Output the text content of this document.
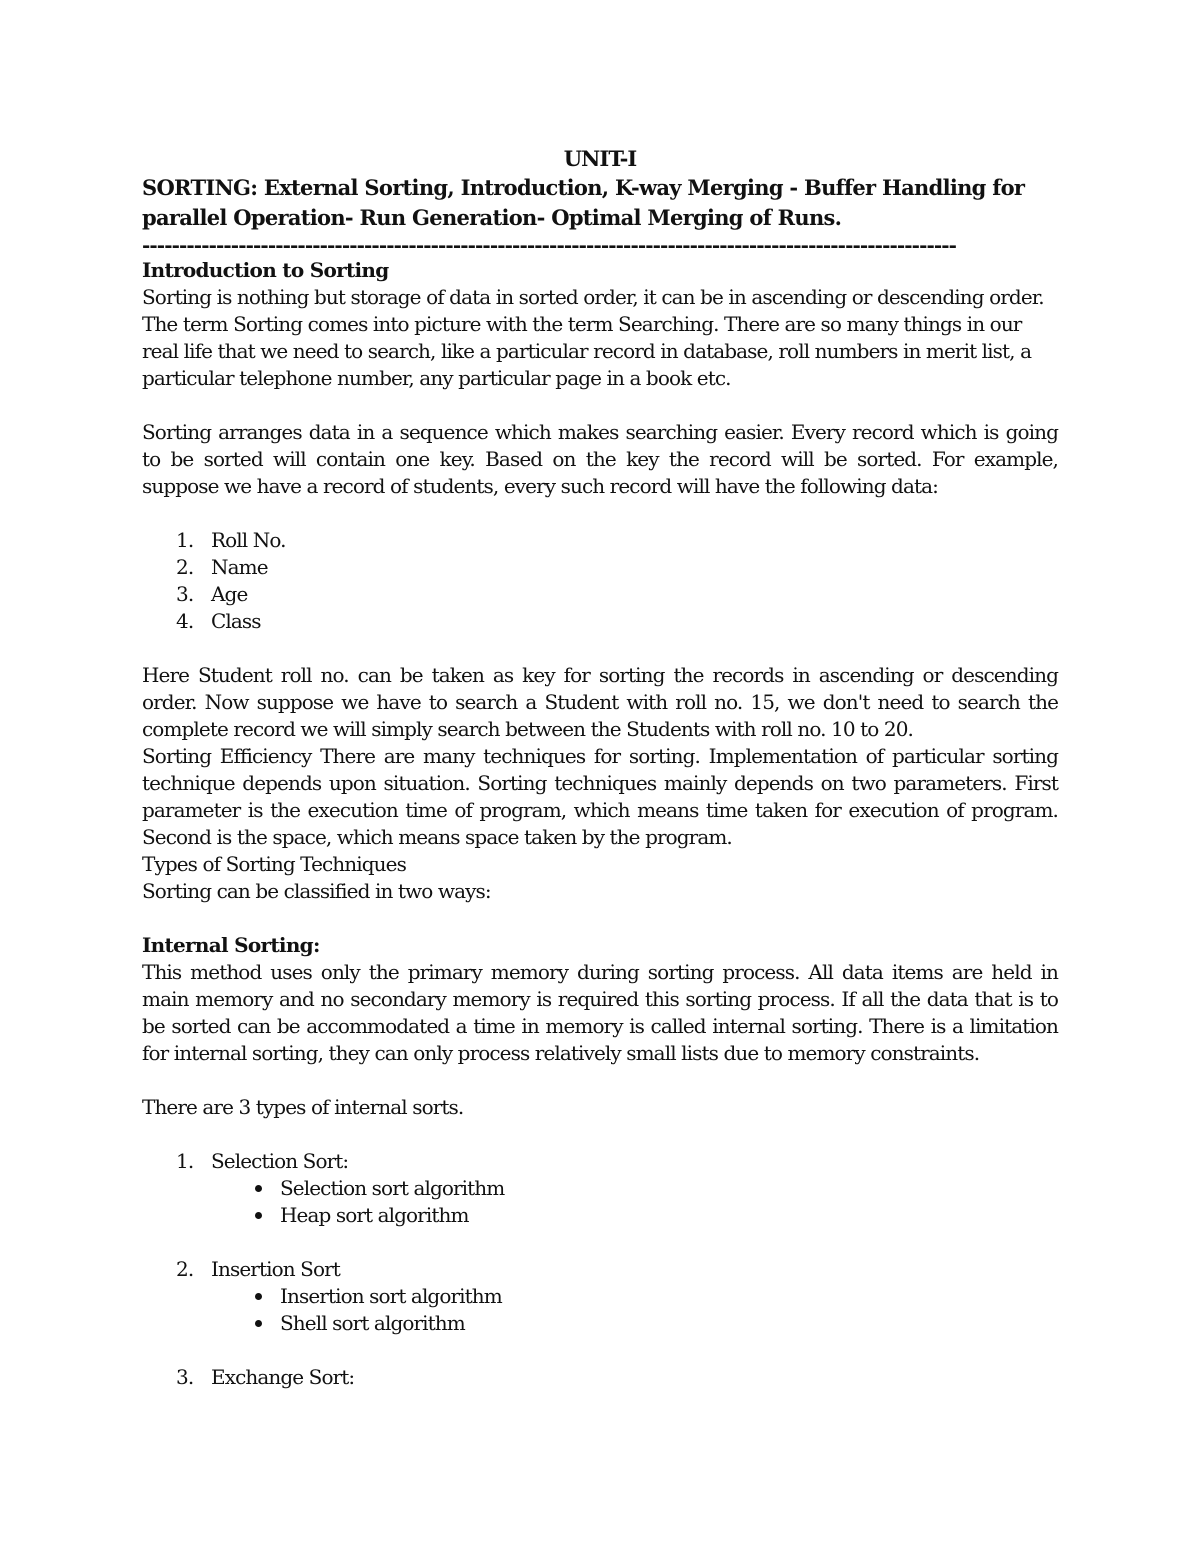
UNIT-I

SORTING: External Sorting, Introduction, K-way Merging - Buffer Handling for parallel Operation- Run Generation- Optimal Merging of Runs.

--------------------------------------------------------------------------------------------------------------

Introduction to Sorting

Sorting is nothing but storage of data in sorted order, it can be in ascending or descending order. The term Sorting comes into picture with the term Searching. There are so many things in our real life that we need to search, like a particular record in database, roll numbers in merit list, a particular telephone number, any particular page in a book etc.

Sorting arranges data in a sequence which makes searching easier. Every record which is going to be sorted will contain one key. Based on the key the record will be sorted. For example, suppose we have a record of students, every such record will have the following data:

1. Roll No.
2. Name
3. Age
4. Class

Here Student roll no. can be taken as key for sorting the records in ascending or descending order. Now suppose we have to search a Student with roll no. 15, we don't need to search the complete record we will simply search between the Students with roll no. 10 to 20.

Sorting Efficiency There are many techniques for sorting. Implementation of particular sorting technique depends upon situation. Sorting techniques mainly depends on two parameters. First parameter is the execution time of program, which means time taken for execution of program. Second is the space, which means space taken by the program.

Types of Sorting Techniques

Sorting can be classified in two ways:

Internal Sorting:

This method uses only the primary memory during sorting process. All data items are held in main memory and no secondary memory is required this sorting process. If all the data that is to be sorted can be accommodated a time in memory is called internal sorting. There is a limitation for internal sorting, they can only process relatively small lists due to memory constraints.

There are 3 types of internal sorts.

1. Selection Sort:
Selection sort algorithm
Heap sort algorithm
2. Insertion Sort
Insertion sort algorithm
Shell sort algorithm
3. Exchange Sort:
